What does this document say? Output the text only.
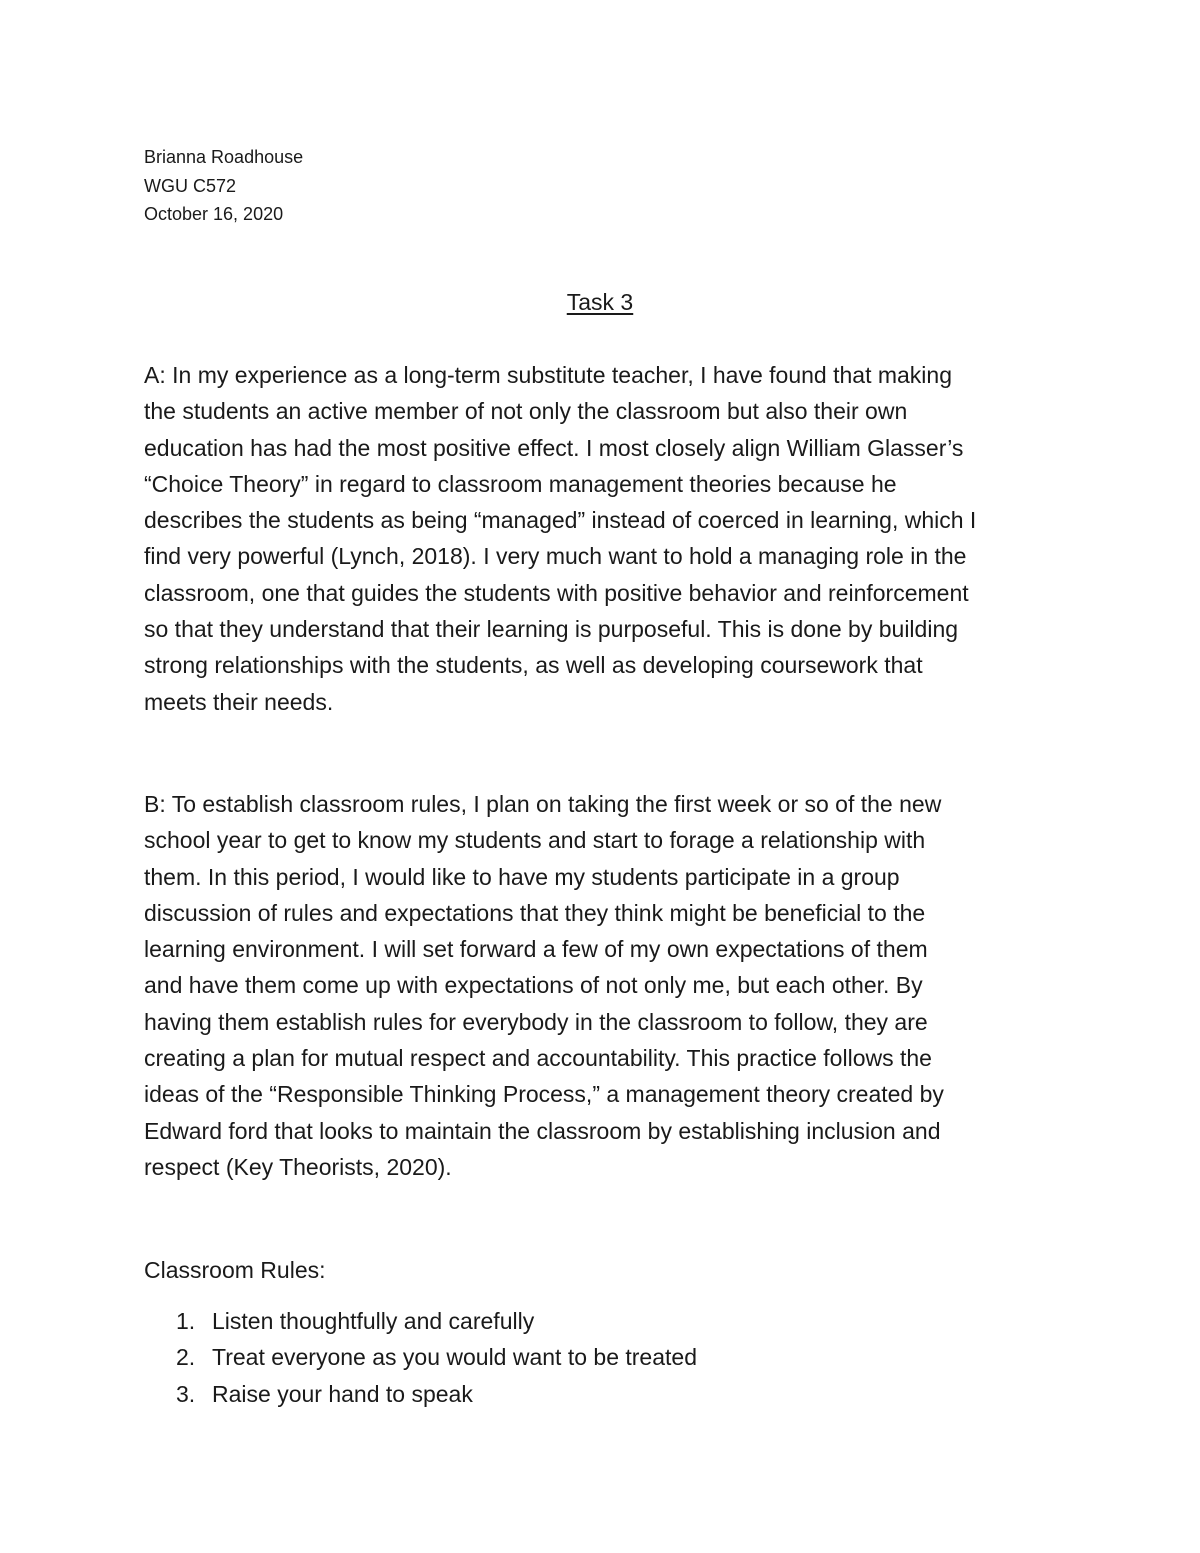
Brianna Roadhouse
WGU C572
October 16, 2020
Task 3
A: In my experience as a long-term substitute teacher, I have found that making
the students an active member of not only the classroom but also their own
education has had the most positive effect. I most closely align William Glasser’s
“Choice Theory” in regard to classroom management theories because he
describes the students as being “managed” instead of coerced in learning, which I
find very powerful (Lynch, 2018). I very much want to hold a managing role in the
classroom, one that guides the students with positive behavior and reinforcement
so that they understand that their learning is purposeful. This is done by building
strong relationships with the students, as well as developing coursework that
meets their needs.
B: To establish classroom rules, I plan on taking the first week or so of the new
school year to get to know my students and start to forage a relationship with
them. In this period, I would like to have my students participate in a group
discussion of rules and expectations that they think might be beneficial to the
learning environment. I will set forward a few of my own expectations of them
and have them come up with expectations of not only me, but each other. By
having them establish rules for everybody in the classroom to follow, they are
creating a plan for mutual respect and accountability. This practice follows the
ideas of the “Responsible Thinking Process,” a management theory created by
Edward ford that looks to maintain the classroom by establishing inclusion and
respect (Key Theorists, 2020).
Classroom Rules:
1. Listen thoughtfully and carefully
2. Treat everyone as you would want to be treated
3. Raise your hand to speak
